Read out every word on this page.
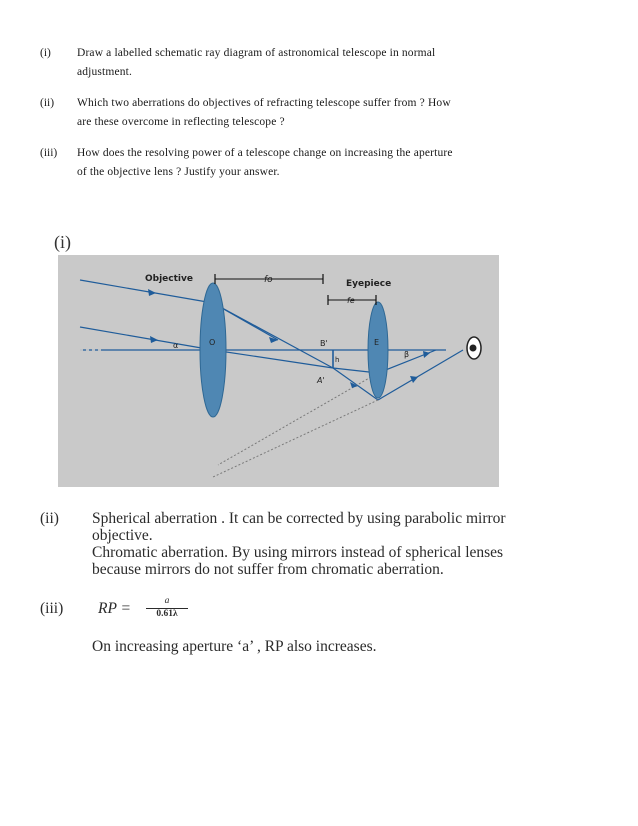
(i) Draw a labelled schematic ray diagram of astronomical telescope in normal
adjustment.
(ii) Which two aberrations do objectives of refracting telescope suffer from ? How
are these overcome in reflecting telescope ?
(iii) How does the resolving power of a telescope change on increasing the aperture
of the objective lens ? Justify your answer.
(i)
Objective	Eyepiece
fo
fe
O	B'
A'
h
E
α
β
(ii) Spherical aberration . It can be corrected by using parabolic mirror
objective.
Chromatic aberration. By using mirrors instead of spherical lenses
because mirrors do not suffer from chromatic aberration.
(iii) RP =	a
0.61λ
On increasing aperture ‘a’ , RP also increases.
